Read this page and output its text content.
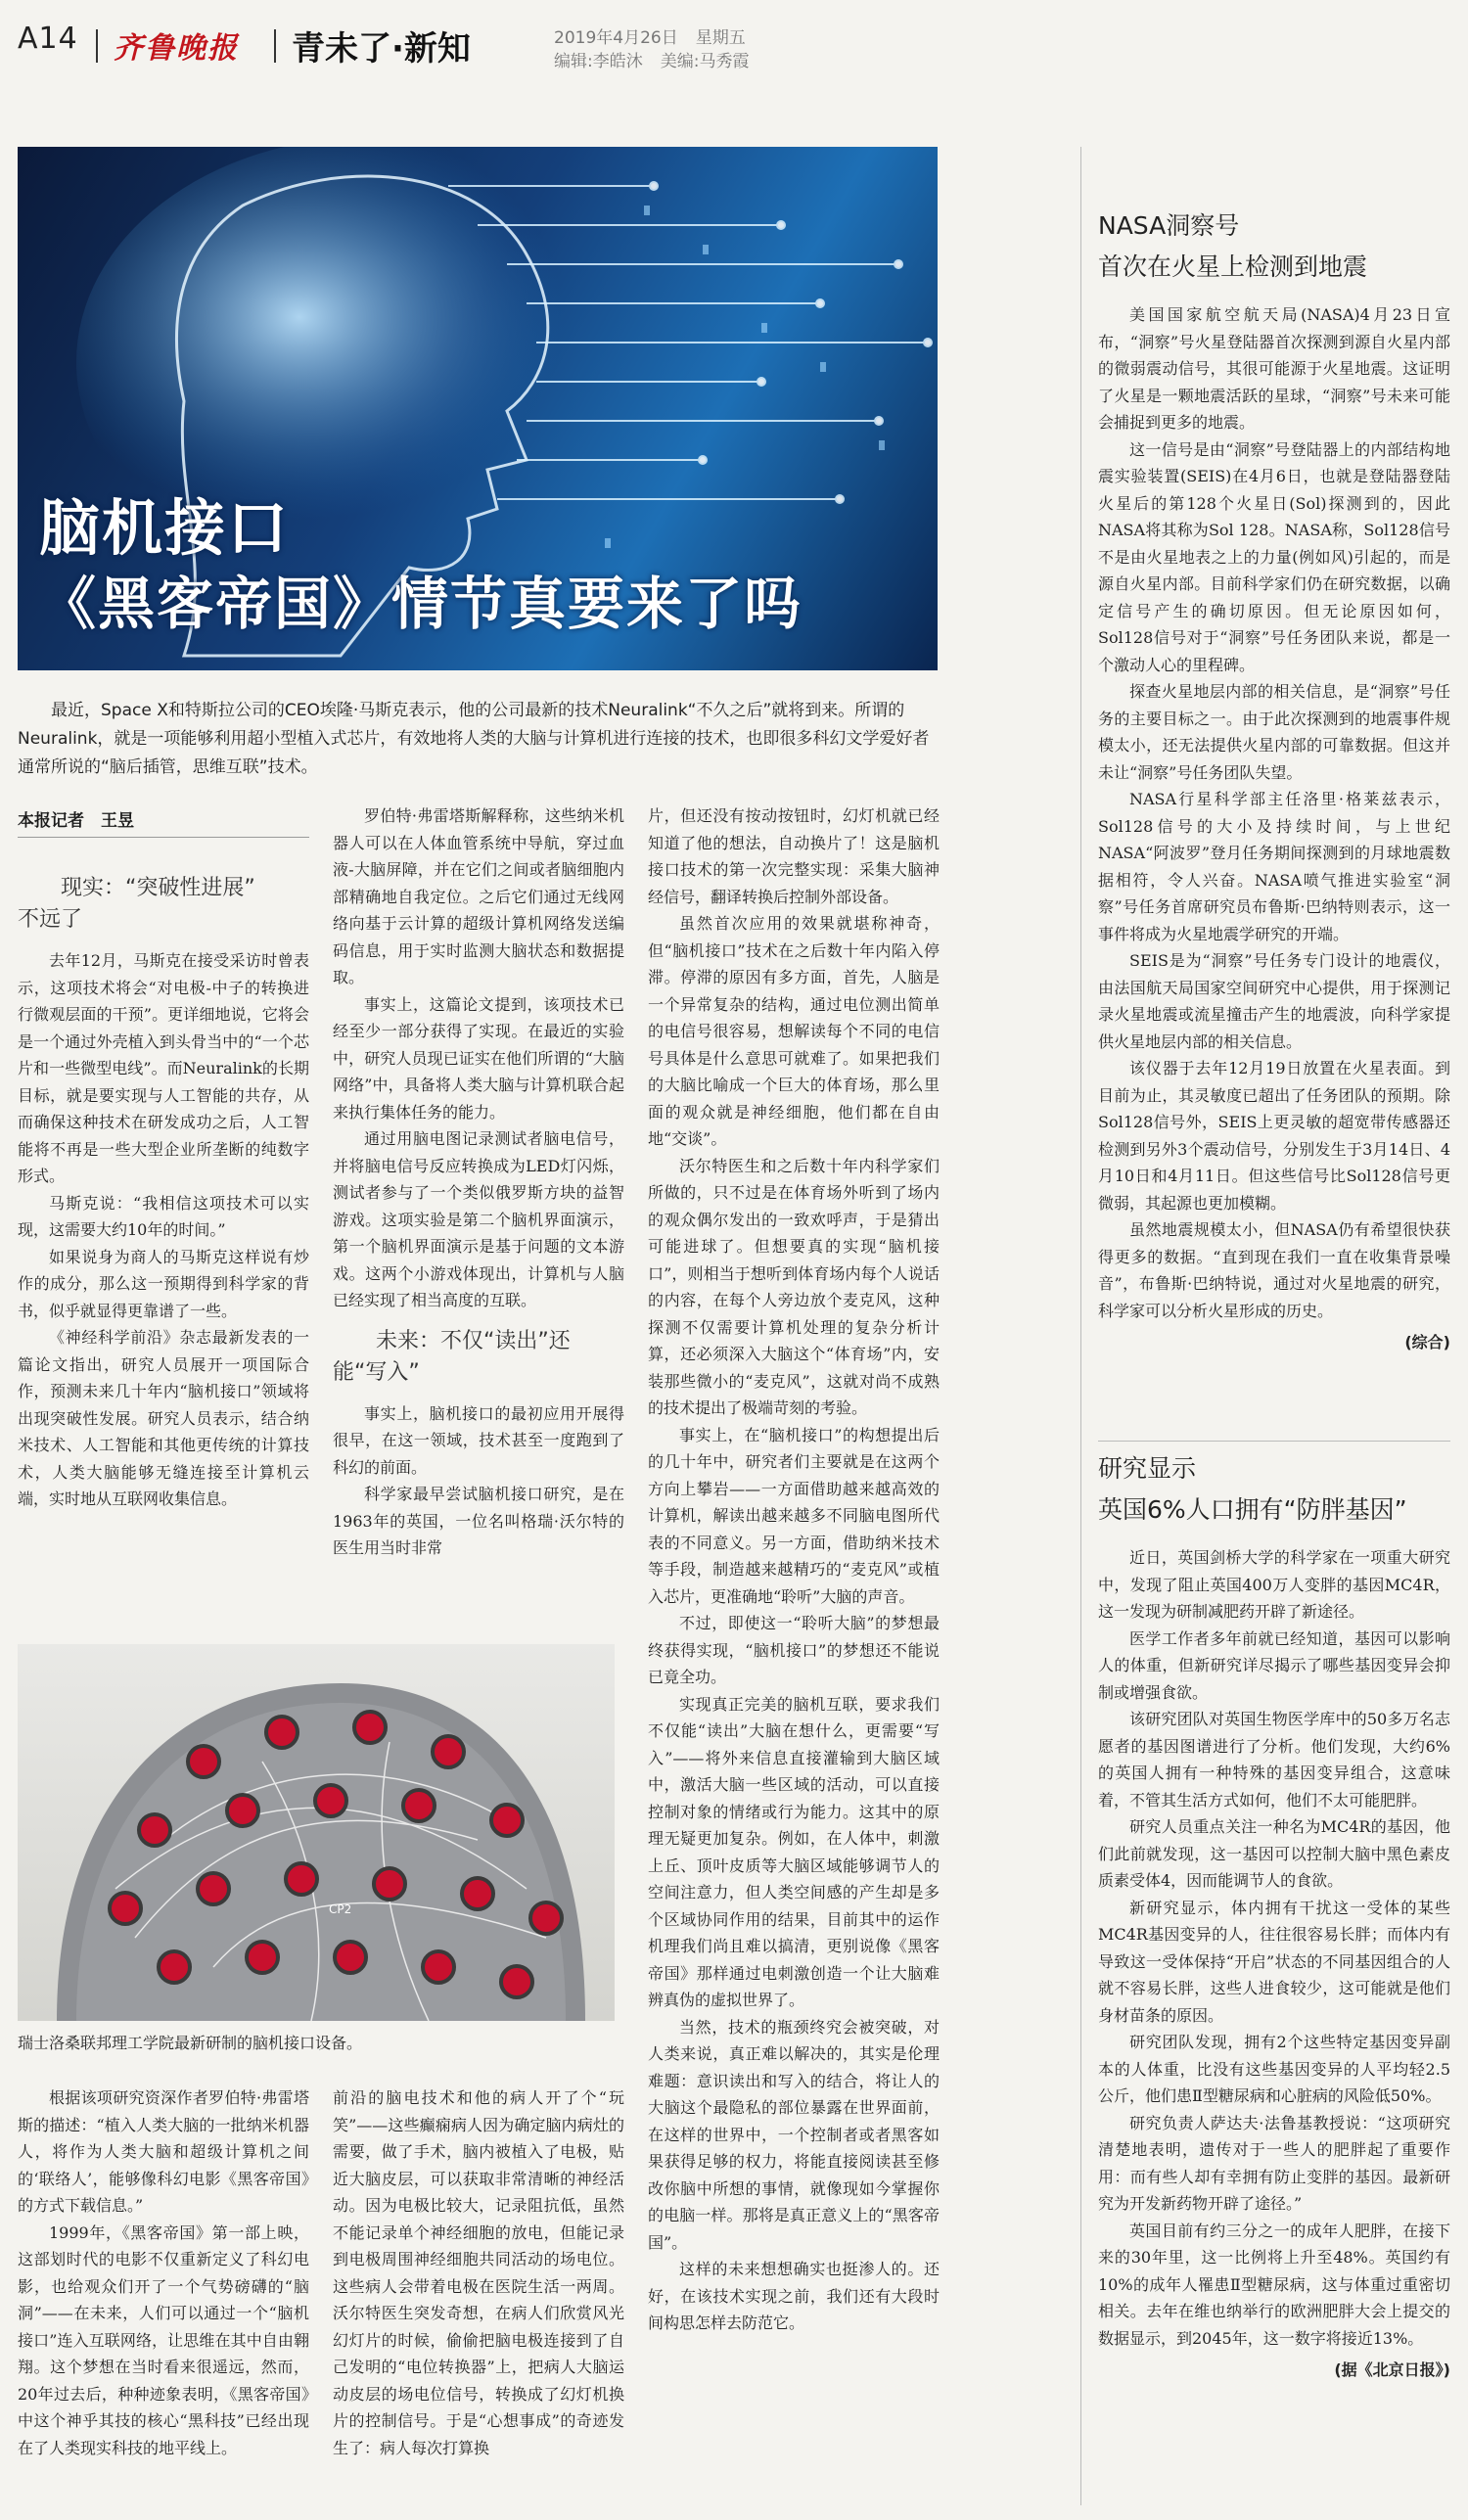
A14 齐鲁晚报 青未了·新知	2019年4月26日 星期五
编辑:李皓沐 美编:马秀霞
脑机接口
《黑客帝国》情节真要来了吗
最近，Space X和特斯拉公司的CEO埃隆·马斯克表示，他的公司最新的技术Neuralink“不久之后”就将到来。所谓的Neuralink，就是一项能够利用超小型植入式芯片，有效地将人类的大脑与计算机进行连接的技术，也即很多科幻文学爱好者通常所说的“脑后插管，思维互联”技术。
本报记者　王昱
现实：“突破性进展”
不远了

去年12月，马斯克在接受采访时曾表示，这项技术将会“对电极-中子的转换进行微观层面的干预”。更详细地说，它将会是一个通过外壳植入到头骨当中的“一个芯片和一些微型电线”。而Neuralink的长期目标，就是要实现与人工智能的共存，从而确保这种技术在研发成功之后，人工智能将不再是一些大型企业所垄断的纯数字形式。

马斯克说：“我相信这项技术可以实现，这需要大约10年的时间。”

如果说身为商人的马斯克这样说有炒作的成分，那么这一预期得到科学家的背书，似乎就显得更靠谱了一些。

《神经科学前沿》杂志最新发表的一篇论文指出，研究人员展开一项国际合作，预测未来几十年内“脑机接口”领域将出现突破性发展。研究人员表示，结合纳米技术、人工智能和其他更传统的计算技术，人类大脑能够无缝连接至计算机云端，实时地从互联网收集信息。

罗伯特·弗雷塔斯解释称，这些纳米机器人可以在人体血管系统中导航，穿过血液-大脑屏障，并在它们之间或者脑细胞内部精确地自我定位。之后它们通过无线网络向基于云计算的超级计算机网络发送编码信息，用于实时监测大脑状态和数据提取。

事实上，这篇论文提到，该项技术已经至少一部分获得了实现。在最近的实验中，研究人员现已证实在他们所谓的“大脑网络”中，具备将人类大脑与计算机联合起来执行集体任务的能力。

通过用脑电图记录测试者脑电信号，并将脑电信号反应转换成为LED灯闪烁，测试者参与了一个类似俄罗斯方块的益智游戏。这项实验是第二个脑机界面演示，第一个脑机界面演示是基于问题的文本游戏。这两个小游戏体现出，计算机与人脑已经实现了相当高度的互联。

未来：不仅“读出”还
能“写入”

事实上，脑机接口的最初应用开展得很早，在这一领域，技术甚至一度跑到了科幻的前面。

科学家最早尝试脑机接口研究，是在1963年的英国，一位名叫格瑞·沃尔特的医生用当时非常

片，但还没有按动按钮时，幻灯机就已经知道了他的想法，自动换片了！这是脑机接口技术的第一次完整实现：采集大脑神经信号，翻译转换后控制外部设备。

虽然首次应用的效果就堪称神奇，但“脑机接口”技术在之后数十年内陷入停滞。停滞的原因有多方面，首先，人脑是一个异常复杂的结构，通过电位测出简单的电信号很容易，想解读每个不同的电信号具体是什么意思可就难了。如果把我们的大脑比喻成一个巨大的体育场，那么里面的观众就是神经细胞，他们都在自由地“交谈”。

沃尔特医生和之后数十年内科学家们所做的，只不过是在体育场外听到了场内的观众偶尔发出的一致欢呼声，于是猜出可能进球了。但想要真的实现“脑机接口”，则相当于想听到体育场内每个人说话的内容，在每个人旁边放个麦克风，这种探测不仅需要计算机处理的复杂分析计算，还必须深入大脑这个“体育场”内，安装那些微小的“麦克风”，这就对尚不成熟的技术提出了极端苛刻的考验。

事实上，在“脑机接口”的构想提出后的几十年中，研究者们主要就是在这两个方向上攀岩——一方面借助越来越高效的计算机，解读出越来越多不同脑电图所代表的不同意义。另一方面，借助纳米技术等手段，制造越来越精巧的“麦克风”或植入芯片，更准确地“聆听”大脑的声音。

不过，即使这一“聆听大脑”的梦想最终获得实现，“脑机接口”的梦想还不能说已竟全功。

实现真正完美的脑机互联，要求我们不仅能“读出”大脑在想什么，更需要“写入”——将外来信息直接灌输到大脑区域中，激活大脑一些区域的活动，可以直接控制对象的情绪或行为能力。这其中的原理无疑更加复杂。例如，在人体中，刺激上丘、顶叶皮质等大脑区域能够调节人的空间注意力，但人类空间感的产生却是多个区域协同作用的结果，目前其中的运作机理我们尚且难以搞清，更别说像《黑客帝国》那样通过电刺激创造一个让大脑难辨真伪的虚拟世界了。

当然，技术的瓶颈终究会被突破，对人类来说，真正难以解决的，其实是伦理难题：意识读出和写入的结合，将让人的大脑这个最隐私的部位暴露在世界面前，在这样的世界中，一个控制者或者黑客如果获得足够的权力，将能直接阅读甚至修改你脑中所想的事情，就像现如今掌握你的电脑一样。那将是真正意义上的“黑客帝国”。

这样的未来想想确实也挺渗人的。还好，在该技术实现之前，我们还有大段时间构思怎样去防范它。

CP2
瑞士洛桑联邦理工学院最新研制的脑机接口设备。

根据该项研究资深作者罗伯特·弗雷塔斯的描述：“植入人类大脑的一批纳米机器人，将作为人类大脑和超级计算机之间的‘联络人’，能够像科幻电影《黑客帝国》的方式下载信息。”

1999年，《黑客帝国》第一部上映，这部划时代的电影不仅重新定义了科幻电影，也给观众们开了一个气势磅礴的“脑洞”——在未来，人们可以通过一个“脑机接口”连入互联网络，让思维在其中自由翱翔。这个梦想在当时看来很遥远，然而，20年过去后，种种迹象表明，《黑客帝国》中这个神乎其技的核心“黑科技”已经出现在了人类现实科技的地平线上。

前沿的脑电技术和他的病人开了个“玩笑”——这些癫痫病人因为确定脑内病灶的需要，做了手术，脑内被植入了电极，贴近大脑皮层，可以获取非常清晰的神经活动。因为电极比较大，记录阻抗低，虽然不能记录单个神经细胞的放电，但能记录到电极周围神经细胞共同活动的场电位。这些病人会带着电极在医院生活一两周。沃尔特医生突发奇想，在病人们欣赏风光幻灯片的时候，偷偷把脑电极连接到了自己发明的“电位转换器”上，把病人大脑运动皮层的场电位信号，转换成了幻灯机换片的控制信号。于是“心想事成”的奇迹发生了：病人每次打算换

NASA洞察号
首次在火星上检测到地震

美国国家航空航天局(NASA)4月23日宣布，“洞察”号火星登陆器首次探测到源自火星内部的微弱震动信号，其很可能源于火星地震。这证明了火星是一颗地震活跃的星球，“洞察”号未来可能会捕捉到更多的地震。

这一信号是由“洞察”号登陆器上的内部结构地震实验装置(SEIS)在4月6日，也就是登陆器登陆火星后的第128个火星日(Sol)探测到的，因此NASA将其称为Sol 128。NASA称，Sol128信号不是由火星地表之上的力量(例如风)引起的，而是源自火星内部。目前科学家们仍在研究数据，以确定信号产生的确切原因。但无论原因如何，Sol128信号对于“洞察”号任务团队来说，都是一个激动人心的里程碑。

探查火星地层内部的相关信息，是“洞察”号任务的主要目标之一。由于此次探测到的地震事件规模太小，还无法提供火星内部的可靠数据。但这并未让“洞察”号任务团队失望。

NASA行星科学部主任洛里·格莱兹表示，Sol128信号的大小及持续时间，与上世纪NASA“阿波罗”登月任务期间探测到的月球地震数据相符，令人兴奋。NASA喷气推进实验室“洞察”号任务首席研究员布鲁斯·巴纳特则表示，这一事件将成为火星地震学研究的开端。

SEIS是为“洞察”号任务专门设计的地震仪，由法国航天局国家空间研究中心提供，用于探测记录火星地震或流星撞击产生的地震波，向科学家提供火星地层内部的相关信息。

该仪器于去年12月19日放置在火星表面。到目前为止，其灵敏度已超出了任务团队的预期。除Sol128信号外，SEIS上更灵敏的超宽带传感器还检测到另外3个震动信号，分别发生于3月14日、4月10日和4月11日。但这些信号比Sol128信号更微弱，其起源也更加模糊。

虽然地震规模太小，但NASA仍有希望很快获得更多的数据。“直到现在我们一直在收集背景噪音”，布鲁斯·巴纳特说，通过对火星地震的研究，科学家可以分析火星形成的历史。

(综合)

研究显示
英国6%人口拥有“防胖基因”

近日，英国剑桥大学的科学家在一项重大研究中，发现了阻止英国400万人变胖的基因MC4R，这一发现为研制减肥药开辟了新途径。

医学工作者多年前就已经知道，基因可以影响人的体重，但新研究详尽揭示了哪些基因变异会抑制或增强食欲。

该研究团队对英国生物医学库中的50多万名志愿者的基因图谱进行了分析。他们发现，大约6%的英国人拥有一种特殊的基因变异组合，这意味着，不管其生活方式如何，他们不太可能肥胖。

研究人员重点关注一种名为MC4R的基因，他们此前就发现，这一基因可以控制大脑中黑色素皮质素受体4，因而能调节人的食欲。

新研究显示，体内拥有干扰这一受体的某些MC4R基因变异的人，往往很容易长胖；而体内有导致这一受体保持“开启”状态的不同基因组合的人就不容易长胖，这些人进食较少，这可能就是他们身材苗条的原因。

研究团队发现，拥有2个这些特定基因变异副本的人体重，比没有这些基因变异的人平均轻2.5公斤，他们患Ⅱ型糖尿病和心脏病的风险低50%。

研究负责人萨达夫·法鲁基教授说：“这项研究清楚地表明，遗传对于一些人的肥胖起了重要作用：而有些人却有幸拥有防止变胖的基因。最新研究为开发新药物开辟了途径。”

英国目前有约三分之一的成年人肥胖，在接下来的30年里，这一比例将上升至48%。英国约有10%的成年人罹患Ⅱ型糖尿病，这与体重过重密切相关。去年在维也纳举行的欧洲肥胖大会上提交的数据显示，到2045年，这一数字将接近13%。

(据《北京日报》)
